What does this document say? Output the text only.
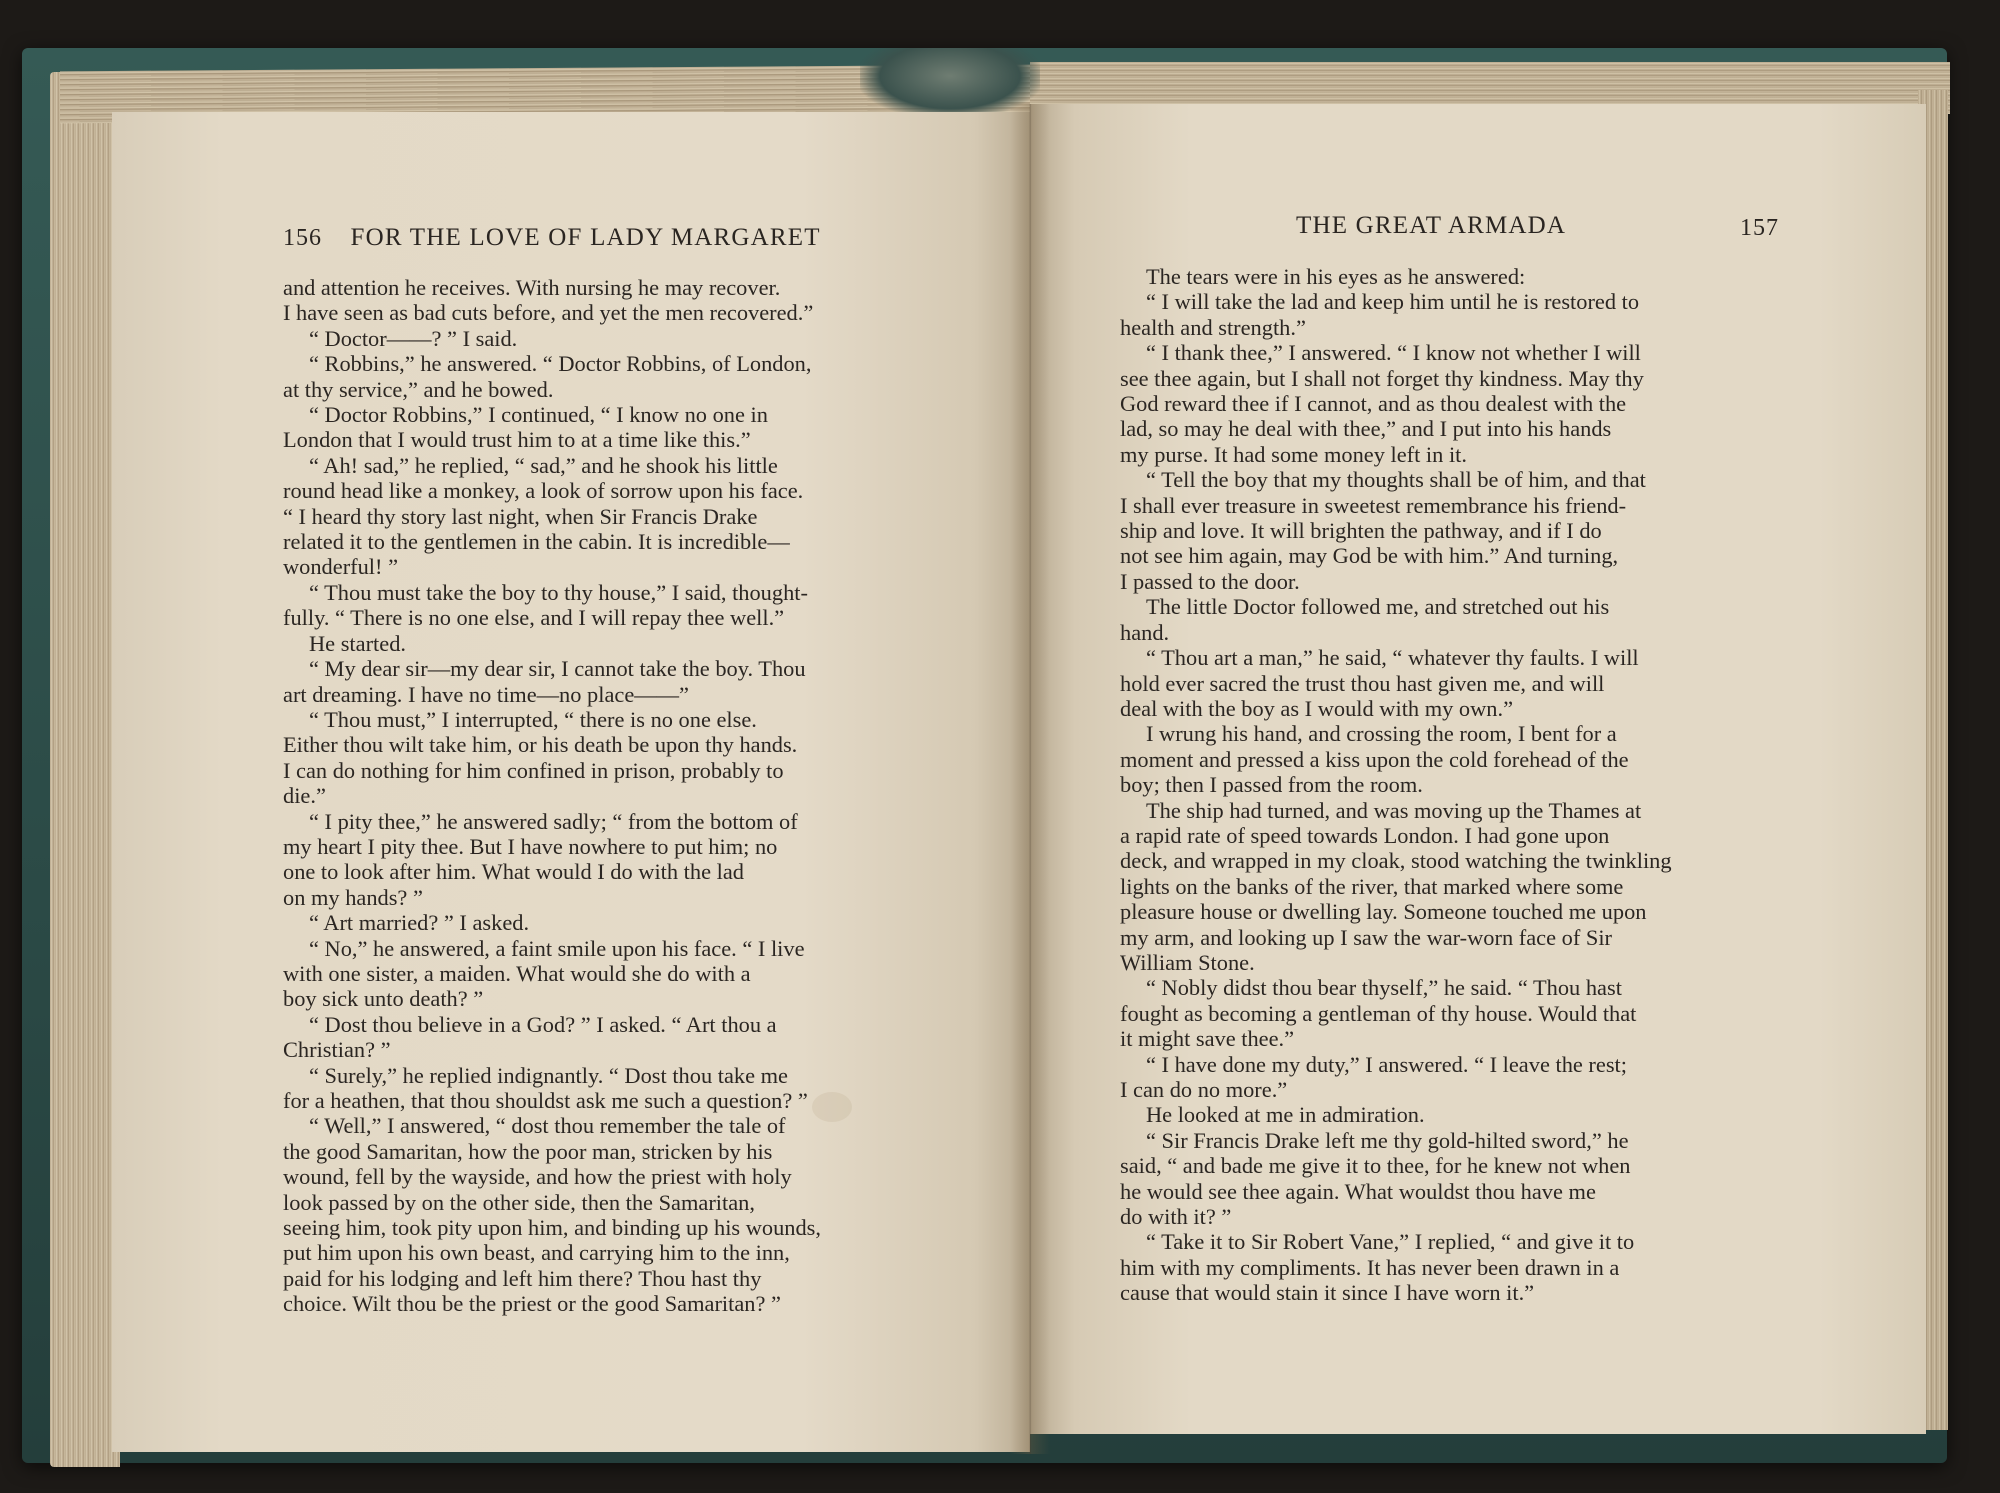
156 FOR THE LOVE OF LADY MARGARET	THE GREAT ARMADA	157

and attention he receives. With nursing he may recover.

I have seen as bad cuts before, and yet the men recovered.”

“ Doctor——? ” I said.

“ Robbins,” he answered. “ Doctor Robbins, of London,

at thy service,” and he bowed.

“ Doctor Robbins,” I continued, “ I know no one in

London that I would trust him to at a time like this.”

“ Ah! sad,” he replied, “ sad,” and he shook his little

round head like a monkey, a look of sorrow upon his face.

“ I heard thy story last night, when Sir Francis Drake

related it to the gentlemen in the cabin. It is incredible—

wonderful! ”

“ Thou must take the boy to thy house,” I said, thought-

fully. “ There is no one else, and I will repay thee well.”

He started.

“ My dear sir—my dear sir, I cannot take the boy. Thou

art dreaming. I have no time—no place——”

“ Thou must,” I interrupted, “ there is no one else.

Either thou wilt take him, or his death be upon thy hands.

I can do nothing for him confined in prison, probably to

die.”

“ I pity thee,” he answered sadly; “ from the bottom of

my heart I pity thee. But I have nowhere to put him; no

one to look after him. What would I do with the lad

on my hands? ”

“ Art married? ” I asked.

“ No,” he answered, a faint smile upon his face. “ I live

with one sister, a maiden. What would she do with a

boy sick unto death? ”

“ Dost thou believe in a God? ” I asked. “ Art thou a

Christian? ”

“ Surely,” he replied indignantly. “ Dost thou take me

for a heathen, that thou shouldst ask me such a question? ”

“ Well,” I answered, “ dost thou remember the tale of

the good Samaritan, how the poor man, stricken by his

wound, fell by the wayside, and how the priest with holy

look passed by on the other side, then the Samaritan,

seeing him, took pity upon him, and binding up his wounds,

put him upon his own beast, and carrying him to the inn,

paid for his lodging and left him there? Thou hast thy

choice. Wilt thou be the priest or the good Samaritan? ”

The tears were in his eyes as he answered:

“ I will take the lad and keep him until he is restored to

health and strength.”

“ I thank thee,” I answered. “ I know not whether I will

see thee again, but I shall not forget thy kindness. May thy

God reward thee if I cannot, and as thou dealest with the

lad, so may he deal with thee,” and I put into his hands

my purse. It had some money left in it.

“ Tell the boy that my thoughts shall be of him, and that

I shall ever treasure in sweetest remembrance his friend-

ship and love. It will brighten the pathway, and if I do

not see him again, may God be with him.” And turning,

I passed to the door.

The little Doctor followed me, and stretched out his

hand.

“ Thou art a man,” he said, “ whatever thy faults. I will

hold ever sacred the trust thou hast given me, and will

deal with the boy as I would with my own.”

I wrung his hand, and crossing the room, I bent for a

moment and pressed a kiss upon the cold forehead of the

boy; then I passed from the room.

The ship had turned, and was moving up the Thames at

a rapid rate of speed towards London. I had gone upon

deck, and wrapped in my cloak, stood watching the twinkling

lights on the banks of the river, that marked where some

pleasure house or dwelling lay. Someone touched me upon

my arm, and looking up I saw the war-worn face of Sir

William Stone.

“ Nobly didst thou bear thyself,” he said. “ Thou hast

fought as becoming a gentleman of thy house. Would that

it might save thee.”

“ I have done my duty,” I answered. “ I leave the rest;

I can do no more.”

He looked at me in admiration.

“ Sir Francis Drake left me thy gold-hilted sword,” he

said, “ and bade me give it to thee, for he knew not when

he would see thee again. What wouldst thou have me

do with it? ”

“ Take it to Sir Robert Vane,” I replied, “ and give it to

him with my compliments. It has never been drawn in a

cause that would stain it since I have worn it.”
